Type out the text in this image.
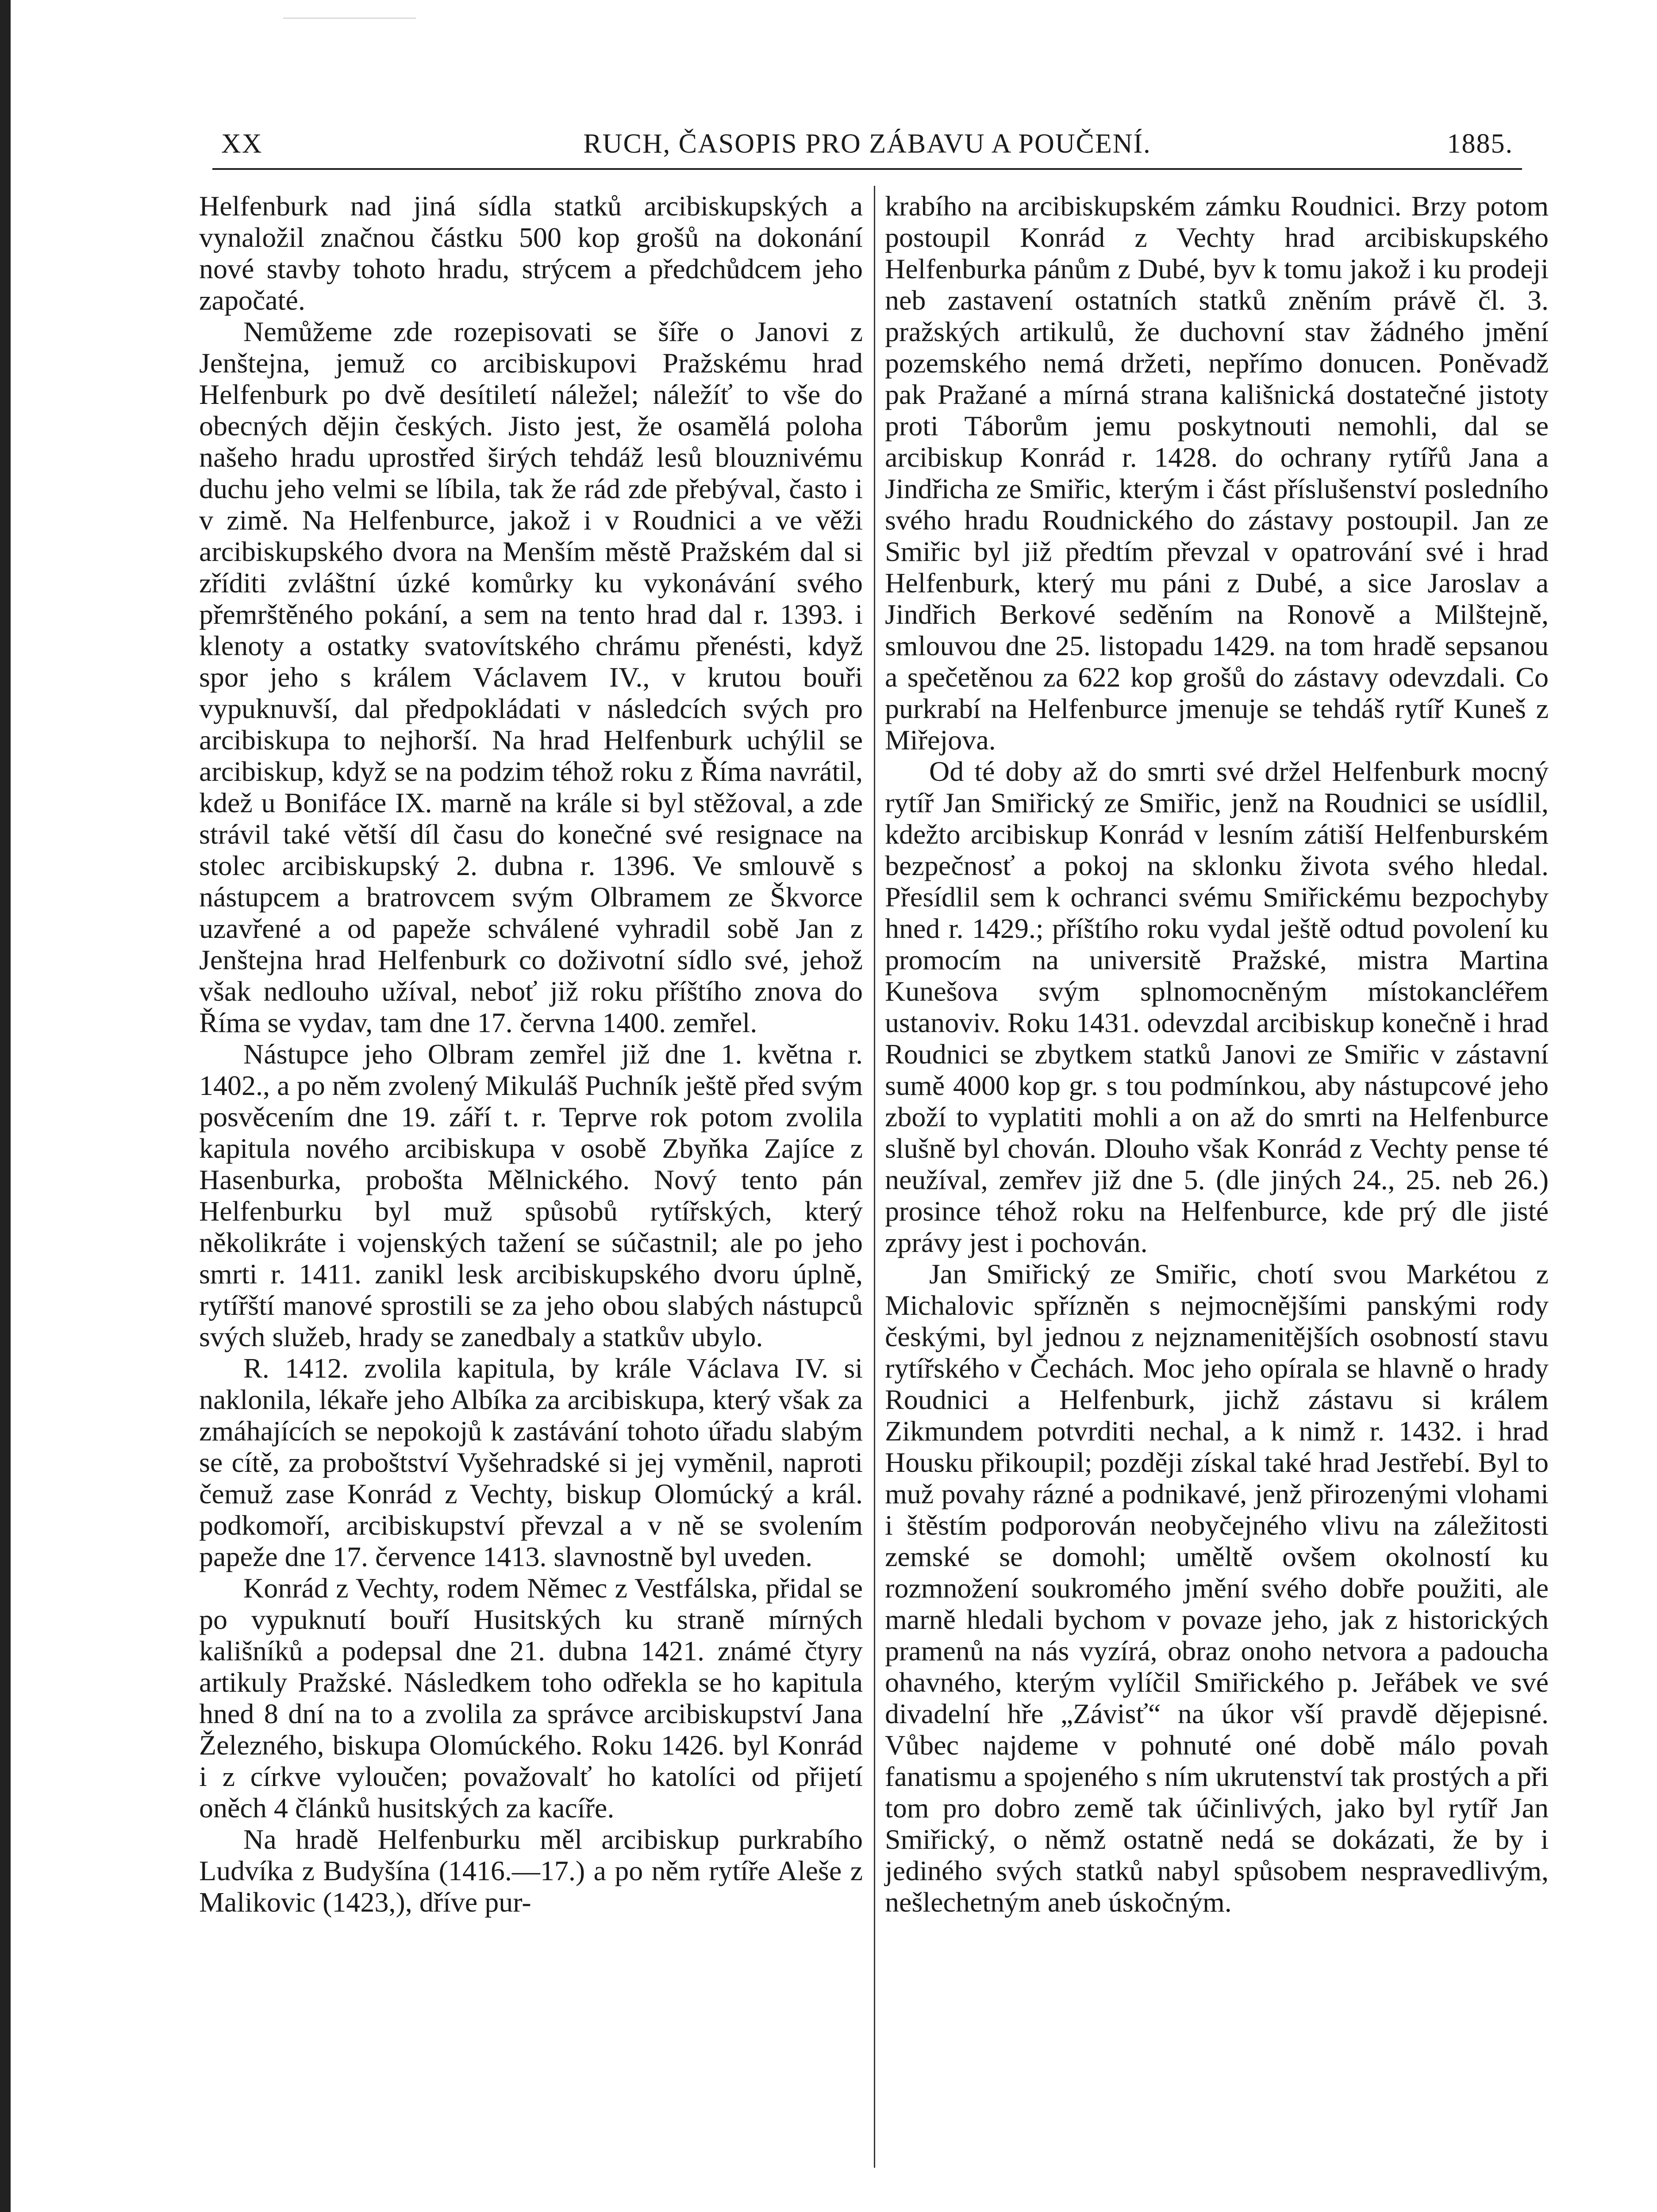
XX	RUCH, ČASOPIS PRO ZÁBAVU A POUČENÍ.	1885.

Helfenburk nad jiná sídla statků arcibiskupských a vynaložil značnou částku 500 kop grošů na dokonání nové stavby tohoto hradu, strýcem a předchůdcem jeho započaté.

Nemůžeme zde rozepisovati se šíře o Janovi z Jenštejna, jemuž co arcibiskupovi Pražskému hrad Helfenburk po dvě desítiletí náležel; náležíť to vše do obecných dějin českých. Jisto jest, že osamělá poloha našeho hradu uprostřed širých tehdáž lesů blouznivému duchu jeho velmi se líbila, tak že rád zde přebýval, často i v zimě. Na Helfenburce, jakož i v Roudnici a ve věži arcibiskupského dvora na Menším městě Pražském dal si zříditi zvláštní úzké komůrky ku vykonávání svého přemrštěného pokání, a sem na tento hrad dal r. 1393. i klenoty a ostatky svatovítského chrámu přenésti, když spor jeho s králem Václavem IV., v krutou bouři vypuknuvší, dal předpokládati v následcích svých pro arcibiskupa to nejhorší. Na hrad Helfenburk uchýlil se arcibiskup, když se na podzim téhož roku z Říma navrátil, kdež u Bonifáce IX. marně na krále si byl stěžoval, a zde strávil také větší díl času do konečné své resignace na stolec arcibiskupský 2. dubna r. 1396. Ve smlouvě s nástupcem a bratrovcem svým Olbramem ze Škvorce uzavřené a od papeže schválené vyhradil sobě Jan z Jenštejna hrad Helfenburk co doživotní sídlo své, jehož však nedlouho užíval, neboť již roku příštího znova do Říma se vydav, tam dne 17. června 1400. zemřel.

Nástupce jeho Olbram zemřel již dne 1. května r. 1402., a po něm zvolený Mikuláš Puchník ještě před svým posvěcením dne 19. září t. r. Teprve rok potom zvolila kapitula nového arcibiskupa v osobě Zbyňka Zajíce z Hasenburka, proboštа Mělnického. Nový tento pán Helfenburku byl muž spůsobů rytířských, který několikráte i vojenských tažení se súčastnil; ale po jeho smrti r. 1411. zanikl lesk arcibiskupského dvoru úplně, rytířští manové sprostili se za jeho obou slabých nástupců svých služeb, hrady se zanedbaly a statkův ubylo.

R. 1412. zvolila kapitula, by krále Václava IV. si naklonila, lékaře jeho Albíka za arcibiskupa, který však za zmáhajících se nepokojů k zastávání tohoto úřadu slabým se cítě, za proboštství Vyšehradské si jej vyměnil, naproti čemuž zase Konrád z Vechty, biskup Olomúcký a král. podkomoří, arcibiskupství převzal a v ně se svolením papeže dne 17. července 1413. slavnostně byl uveden.

Konrád z Vechty, rodem Němec z Vestfálska, přidal se po vypuknutí bouří Husitských ku straně mírných kališníků a podepsal dne 21. dubna 1421. známé čtyry artikuly Pražské. Následkem toho odřekla se ho kapitula hned 8 dní na to a zvolila za správce arcibiskupství Jana Železného, biskupa Olomúckého. Roku 1426. byl Konrád i z církve vyloučen; považovalť ho katolíci od přijetí oněch 4 článků husitských za kacíře.

Na hradě Helfenburku měl arcibiskup purkrabího Ludvíka z Budyšína (1416.—17.) a po něm rytíře Aleše z Malikovic (1423,), dříve pur-

krabího na arcibiskupském zámku Roudnici. Brzy potom postoupil Konrád z Vechty hrad arcibiskupského Helfenburka pánům z Dubé, byv k tomu jakož i ku prodeji neb zastavení ostatních statků zněním právě čl. 3. pražských artikulů, že duchovní stav žádného jmění pozemského nemá držeti, nepřímo donucen. Poněvadž pak Pražané a mírná strana kališnická dostatečné jistoty proti Táborům jemu poskytnouti nemohli, dal se arcibiskup Konrád r. 1428. do ochrany rytířů Jana a Jindřicha ze Smiřic, kterým i část příslušenství posledního svého hradu Roudnického do zástavy postoupil. Jan ze Smiřic byl již předtím převzal v opatrování své i hrad Helfenburk, který mu páni z Dubé, a sice Jaroslav a Jindřich Berkové seděním na Ronově a Milštejně, smlouvou dne 25. listopadu 1429. na tom hradě sepsanou a spečetěnou za 622 kop grošů do zástavy odevzdali. Co purkrabí na Helfenburce jmenuje se tehdáš rytíř Kuneš z Miřejova.

Od té doby až do smrti své držel Helfenburk mocný rytíř Jan Smiřický ze Smiřic, jenž na Roudnici se usídlil, kdežto arcibiskup Konrád v lesním zátiší Helfenburském bezpečnosť a pokoj na sklonku života svého hledal. Přesídlil sem k ochranci svému Smiřickému bezpochyby hned r. 1429.; příštího roku vydal ještě odtud povolení ku promocím na universitě Pražské, mistra Martina Kunešova svým splnomocněným místokancléřem ustanoviv. Roku 1431. odevzdal arcibiskup konečně i hrad Roudnici se zbytkem statků Janovi ze Smiřic v zástavní sumě 4000 kop gr. s tou podmínkou, aby nástupcové jeho zboží to vyplatiti mohli a on až do smrti na Helfenburce slušně byl chován. Dlouho však Konrád z Vechty pense té neužíval, zemřev již dne 5. (dle jiných 24., 25. neb 26.) prosince téhož roku na Helfenburce, kde prý dle jisté zprávy jest i pochován.

Jan Smiřický ze Smiřic, chotí svou Markétou z Michalovic spřízněn s nejmocnějšími panskými rody českými, byl jednou z nejznamenitějších osobností stavu rytířského v Čechách. Moc jeho opírala se hlavně o hrady Roudnici a Helfenburk, jichž zástavu si králem Zikmundem potvrditi nechal, a k nimž r. 1432. i hrad Housku přikoupil; později získal také hrad Jestřebí. Byl to muž povahy rázné a podnikavé, jenž přirozenými vlohami i štěstím podporován neobyčejného vlivu na záležitosti zemské se domohl; uměltě ovšem okolností ku rozmnožení soukromého jmění svého dobře použiti, ale marně hledali bychom v povaze jeho, jak z historických pramenů na nás vyzírá, obraz onoho netvora a padoucha ohavného, kterým vylíčil Smiřického p. Jeřábek ve své divadelní hře „Závisť“ na úkor vší pravdě dějepisné. Vůbec najdeme v pohnuté oné době málo povah fanatismu a spojeného s ním ukrutenství tak prostých a při tom pro dobro země tak účinlivých, jako byl rytíř Jan Smiřický, o němž ostatně nedá se dokázati, že by i jediného svých statků nabyl spůsobem nespravedlivým, nešlechetným aneb úskočným.
